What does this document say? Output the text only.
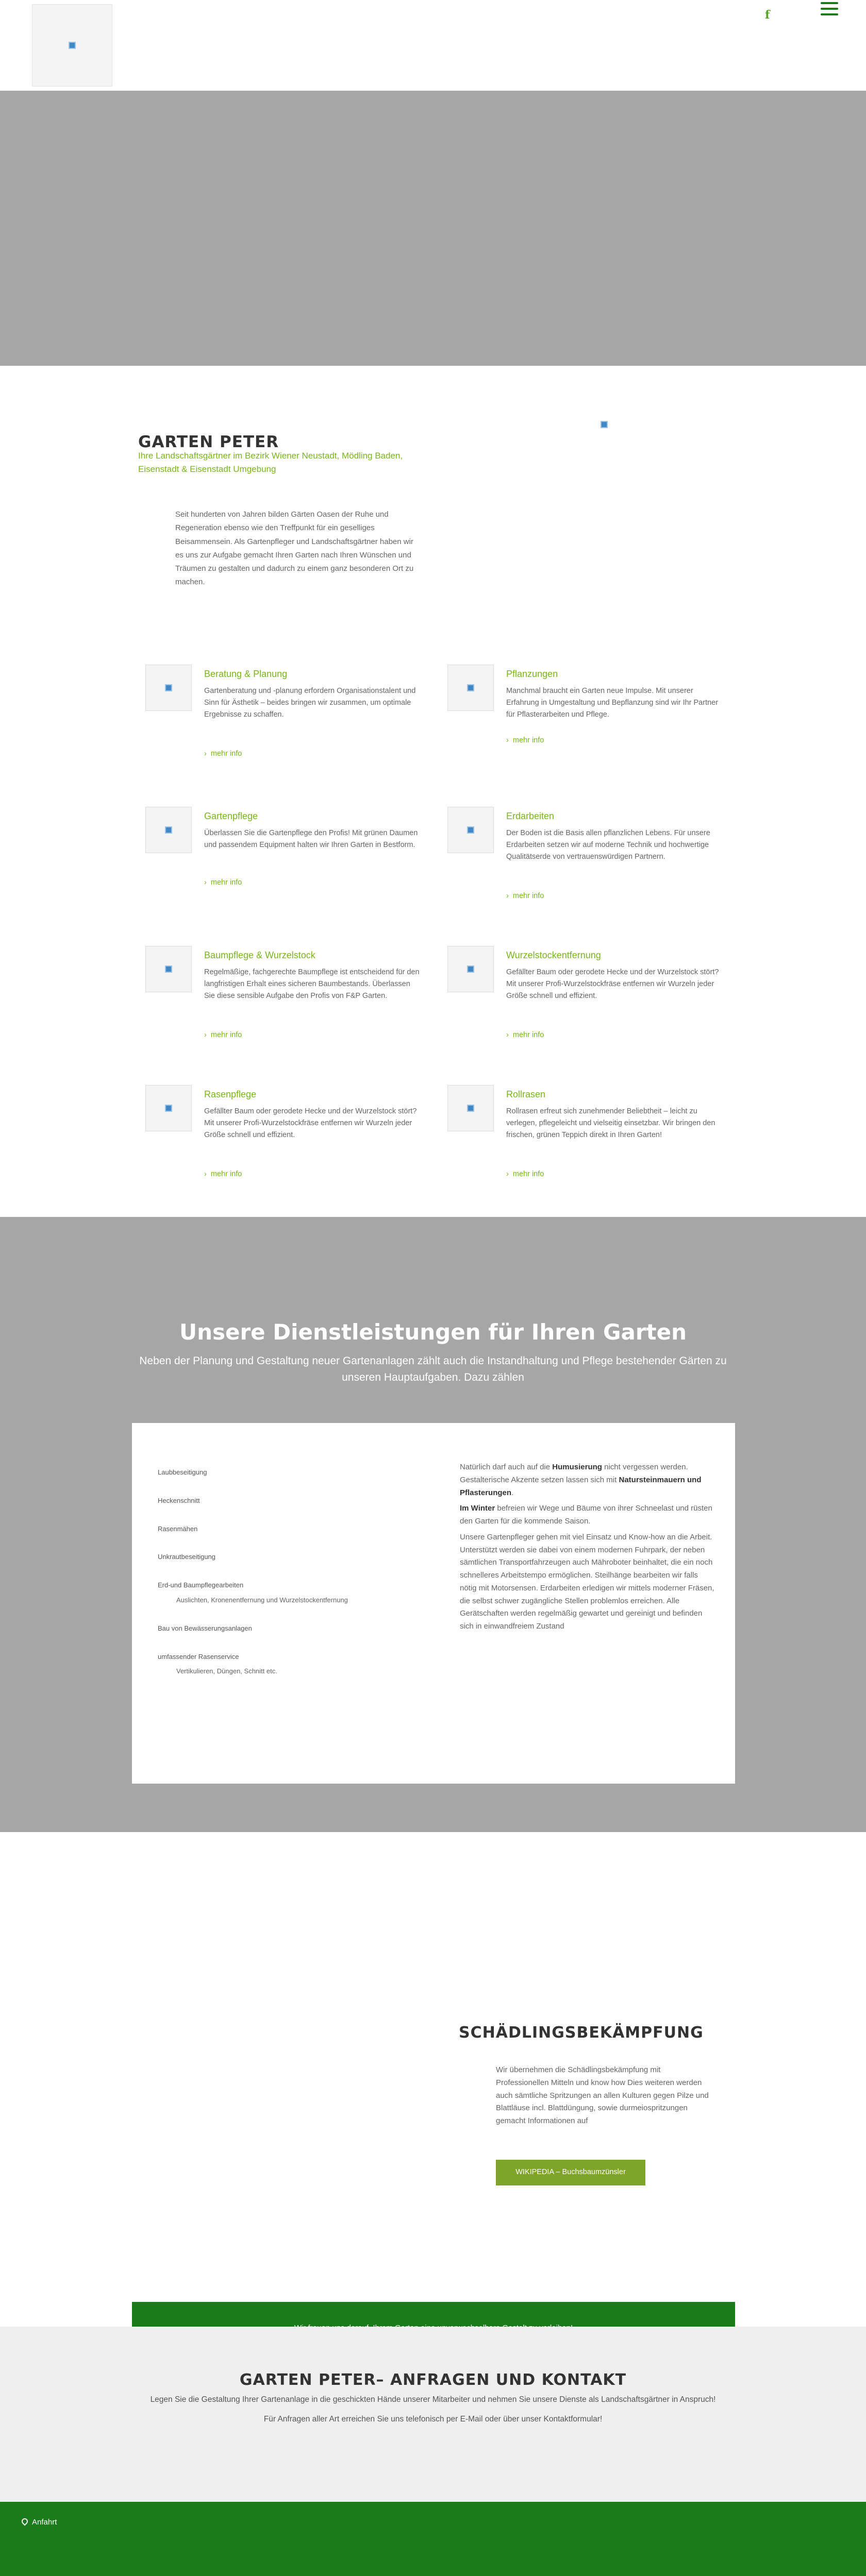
f
GARTEN PETER
Ihre Landschaftsgärtner im Bezirk Wiener Neustadt, Mödling Baden, Eisenstadt & Eisenstadt Umgebung

Seit hunderten von Jahren bilden Gärten Oasen der Ruhe und Regeneration ebenso wie den Treffpunkt für ein geselliges Beisammensein. Als Gartenpfleger und Landschaftsgärtner haben wir es uns zur Aufgabe gemacht Ihren Garten nach Ihren Wünschen und Träumen zu gestalten und dadurch zu einem ganz besonderen Ort zu machen.

Beratung & Planung
Gartenberatung und -planung erfordern Organisationstalent und Sinn für Ästhetik – beides bringen wir zusammen, um optimale Ergebnisse zu schaffen.
›  mehr info
Pflanzungen
Manchmal braucht ein Garten neue Impulse. Mit unserer Erfahrung in Umgestaltung und Bepflanzung sind wir Ihr Partner für Pflasterarbeiten und Pflege.
›  mehr info
Gartenpflege
Überlassen Sie die Gartenpflege den Profis! Mit grünen Daumen und passendem Equipment halten wir Ihren Garten in Bestform.
›  mehr info
Erdarbeiten
Der Boden ist die Basis allen pflanzlichen Lebens. Für unsere Erdarbeiten setzen wir auf moderne Technik und hochwertige Qualitätserde von vertrauenswürdigen Partnern.
›  mehr info
Baumpflege & Wurzelstock
Regelmäßige, fachgerechte Baumpflege ist entscheidend für den langfristigen Erhalt eines sicheren Baumbestands. Überlassen Sie diese sensible Aufgabe den Profis von F&P Garten.
›  mehr info
Wurzelstockentfernung
Gefällter Baum oder gerodete Hecke und der Wurzelstock stört? Mit unserer Profi-Wurzelstockfräse entfernen wir Wurzeln jeder Größe schnell und effizient.
›  mehr info
Rasenpflege
Gefällter Baum oder gerodete Hecke und der Wurzelstock stört? Mit unserer Profi-Wurzelstockfräse entfernen wir Wurzeln jeder Größe schnell und effizient.
›  mehr info
Rollrasen
Rollrasen erfreut sich zunehmender Beliebtheit – leicht zu verlegen, pflegeleicht und vielseitig einsetzbar. Wir bringen den frischen, grünen Teppich direkt in Ihren Garten!
›  mehr info
Unsere Dienstleistungen für Ihren Garten
Neben der Planung und Gestaltung neuer Gartenanlagen zählt auch die Instandhaltung und Pflege bestehender Gärten zu unseren Hauptaufgaben. Dazu zählen
Laubbeseitigung
Heckenschnitt
Rasenmähen
Unkrautbeseitigung
Erd-und Baumpflegearbeiten
Auslichten, Kronenentfernung und Wurzelstockentfernung
Bau von Bewässerungsanlagen
umfassender Rasenservice
Vertikulieren, Düngen, Schnitt etc.

Natürlich darf auch auf die Humusierung nicht vergessen werden. Gestalterische Akzente setzen lassen sich mit Natursteinmauern und Pflasterungen.

Im Winter befreien wir Wege und Bäume von ihrer Schneelast und rüsten den Garten für die kommende Saison.

Unsere Gartenpfleger gehen mit viel Einsatz und Know-how an die Arbeit. Unterstützt werden sie dabei von einem modernen Fuhrpark, der neben sämtlichen Transportfahrzeugen auch Mähroboter beinhaltet, die ein noch schnelleres Arbeitstempo ermöglichen. Steilhänge bearbeiten wir falls nötig mit Motorsensen. Erdarbeiten erledigen wir mittels moderner Fräsen, die selbst schwer zugängliche Stellen problemlos erreichen. Alle Gerätschaften werden regelmäßig gewartet und gereinigt und befinden sich in einwandfreiem Zustand

SCHÄDLINGSBEKÄMPFUNG

Wir übernehmen die Schädlingsbekämpfung mit Professionellen Mitteln und know how Dies weiteren werden auch sämtliche Spritzungen an allen Kulturen gegen Pilze und Blattläuse incl. Blattdüngung, sowie durmeiospritzungen gemacht Informationen auf

WIKIPEDIA – Buchsbaumzünsler
GARTEN PETER– ANFRAGEN UND KONTAKT
Legen Sie die Gestaltung Ihrer Gartenanlage in die geschickten Hände unserer Mitarbeiter und nehmen Sie unsere Dienste als Landschaftsgärtner in Anspruch!
Für Anfragen aller Art erreichen Sie uns telefonisch per E-Mail oder über unser Kontaktformular!
Anfahrt
